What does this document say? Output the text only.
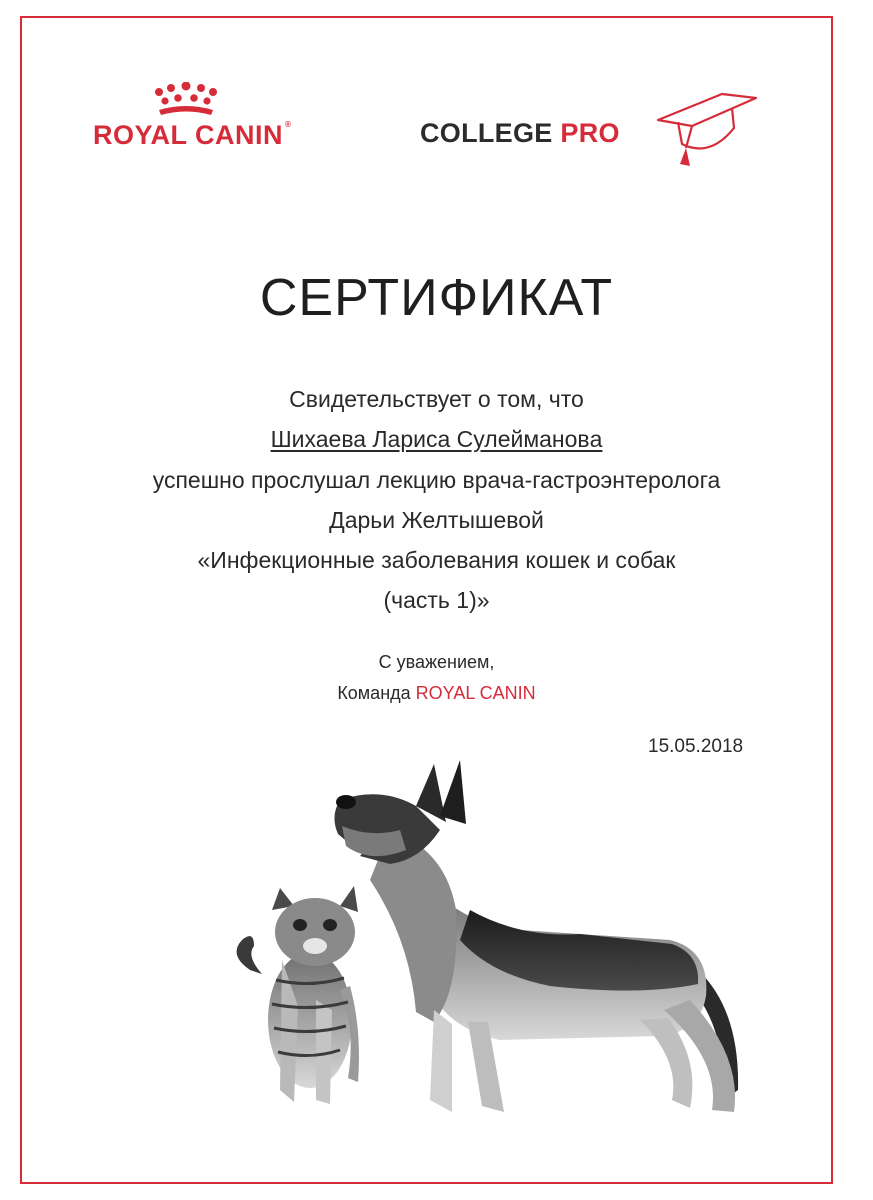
ROYAL CANIN ®	COLLEGE PRO
СЕРТИФИКАТ
Свидетельствует о том, что
Шихаева Лариса Сулеймановa
успешно прослушал лекцию врача-гастроэнтеролога
Дарьи Желтышевой
«Инфекционные заболевания кошек и собак
(часть 1)»
С уважением,
Команда ROYAL CANIN
15.05.2018
